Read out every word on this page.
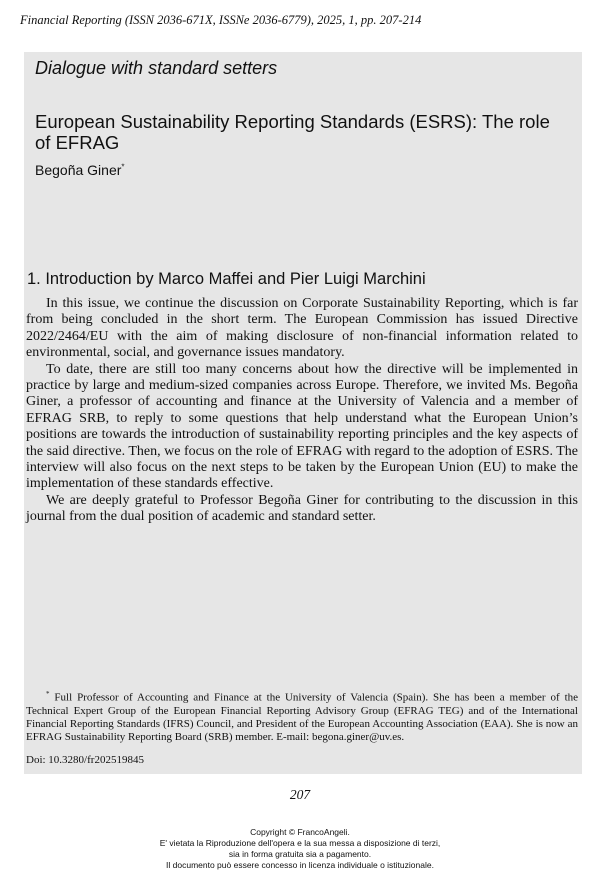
Financial Reporting (ISSN 2036-671X, ISSNe 2036-6779), 2025, 1, pp. 207-214
Dialogue with standard setters
European Sustainability Reporting Standards (ESRS): The role of EFRAG
Begoña Giner*
1. Introduction by Marco Maffei and Pier Luigi Marchini

In this issue, we continue the discussion on Corporate Sustainability Reporting, which is far from being concluded in the short term. The European Commission has issued Directive 2022/2464/EU with the aim of making disclosure of non-financial information related to environmental, social, and governance issues mandatory.

To date, there are still too many concerns about how the directive will be implemented in practice by large and medium-sized companies across Europe. Therefore, we invited Ms. Begoña Giner, a professor of accounting and finance at the University of Valencia and a member of EFRAG SRB, to reply to some questions that help understand what the European Union’s positions are towards the introduction of sustainability reporting principles and the key aspects of the said directive. Then, we focus on the role of EFRAG with regard to the adoption of ESRS. The interview will also focus on the next steps to be taken by the European Union (EU) to make the implementation of these standards effective.

We are deeply grateful to Professor Begoña Giner for contributing to the discussion in this journal from the dual position of academic and standard setter.

* Full Professor of Accounting and Finance at the University of Valencia (Spain). She has been a member of the Technical Expert Group of the European Financial Reporting Advisory Group (EFRAG TEG) and of the International Financial Reporting Standards (IFRS) Council, and President of the European Accounting Association (EAA). She is now an EFRAG Sustainability Reporting Board (SRB) member. E-mail: begona.giner@uv.es.

Doi: 10.3280/fr202519845
207
Copyright © FrancoAngeli.
E' vietata la Riproduzione dell'opera e la sua messa a disposizione di terzi,
sia in forma gratuita sia a pagamento.
Il documento può essere concesso in licenza individuale o istituzionale.
